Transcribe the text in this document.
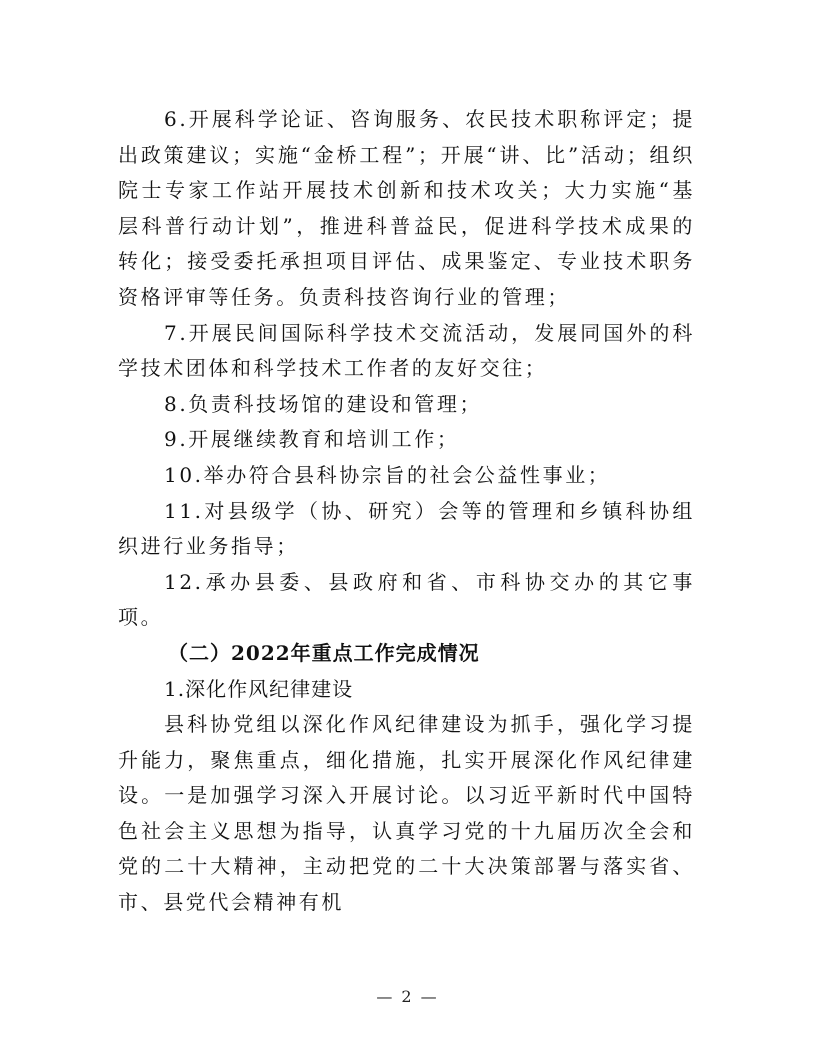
6.开展科学论证、咨询服务、农民技术职称评定；提出政策建议；实施“金桥工程”；开展“讲、比”活动；组织院士专家工作站开展技术创新和技术攻关；大力实施“基层科普行动计划”，推进科普益民，促进科学技术成果的转化；接受委托承担项目评估、成果鉴定、专业技术职务资格评审等任务。负责科技咨询行业的管理；

7.开展民间国际科学技术交流活动，发展同国外的科学技术团体和科学技术工作者的友好交往；

8.负责科技场馆的建设和管理；

9.开展继续教育和培训工作；

10.举办符合县科协宗旨的社会公益性事业；

11.对县级学（协、研究）会等的管理和乡镇科协组织进行业务指导；

12.承办县委、县政府和省、市科协交办的其它事项。

（二）2022年重点工作完成情况

1.深化作风纪律建设

县科协党组以深化作风纪律建设为抓手，强化学习提升能力，聚焦重点，细化措施，扎实开展深化作风纪律建设。一是加强学习深入开展讨论。以习近平新时代中国特色社会主义思想为指导，认真学习党的十九届历次全会和党的二十大精神，主动把党的二十大决策部署与落实省、市、县党代会精神有机

— 2 —
